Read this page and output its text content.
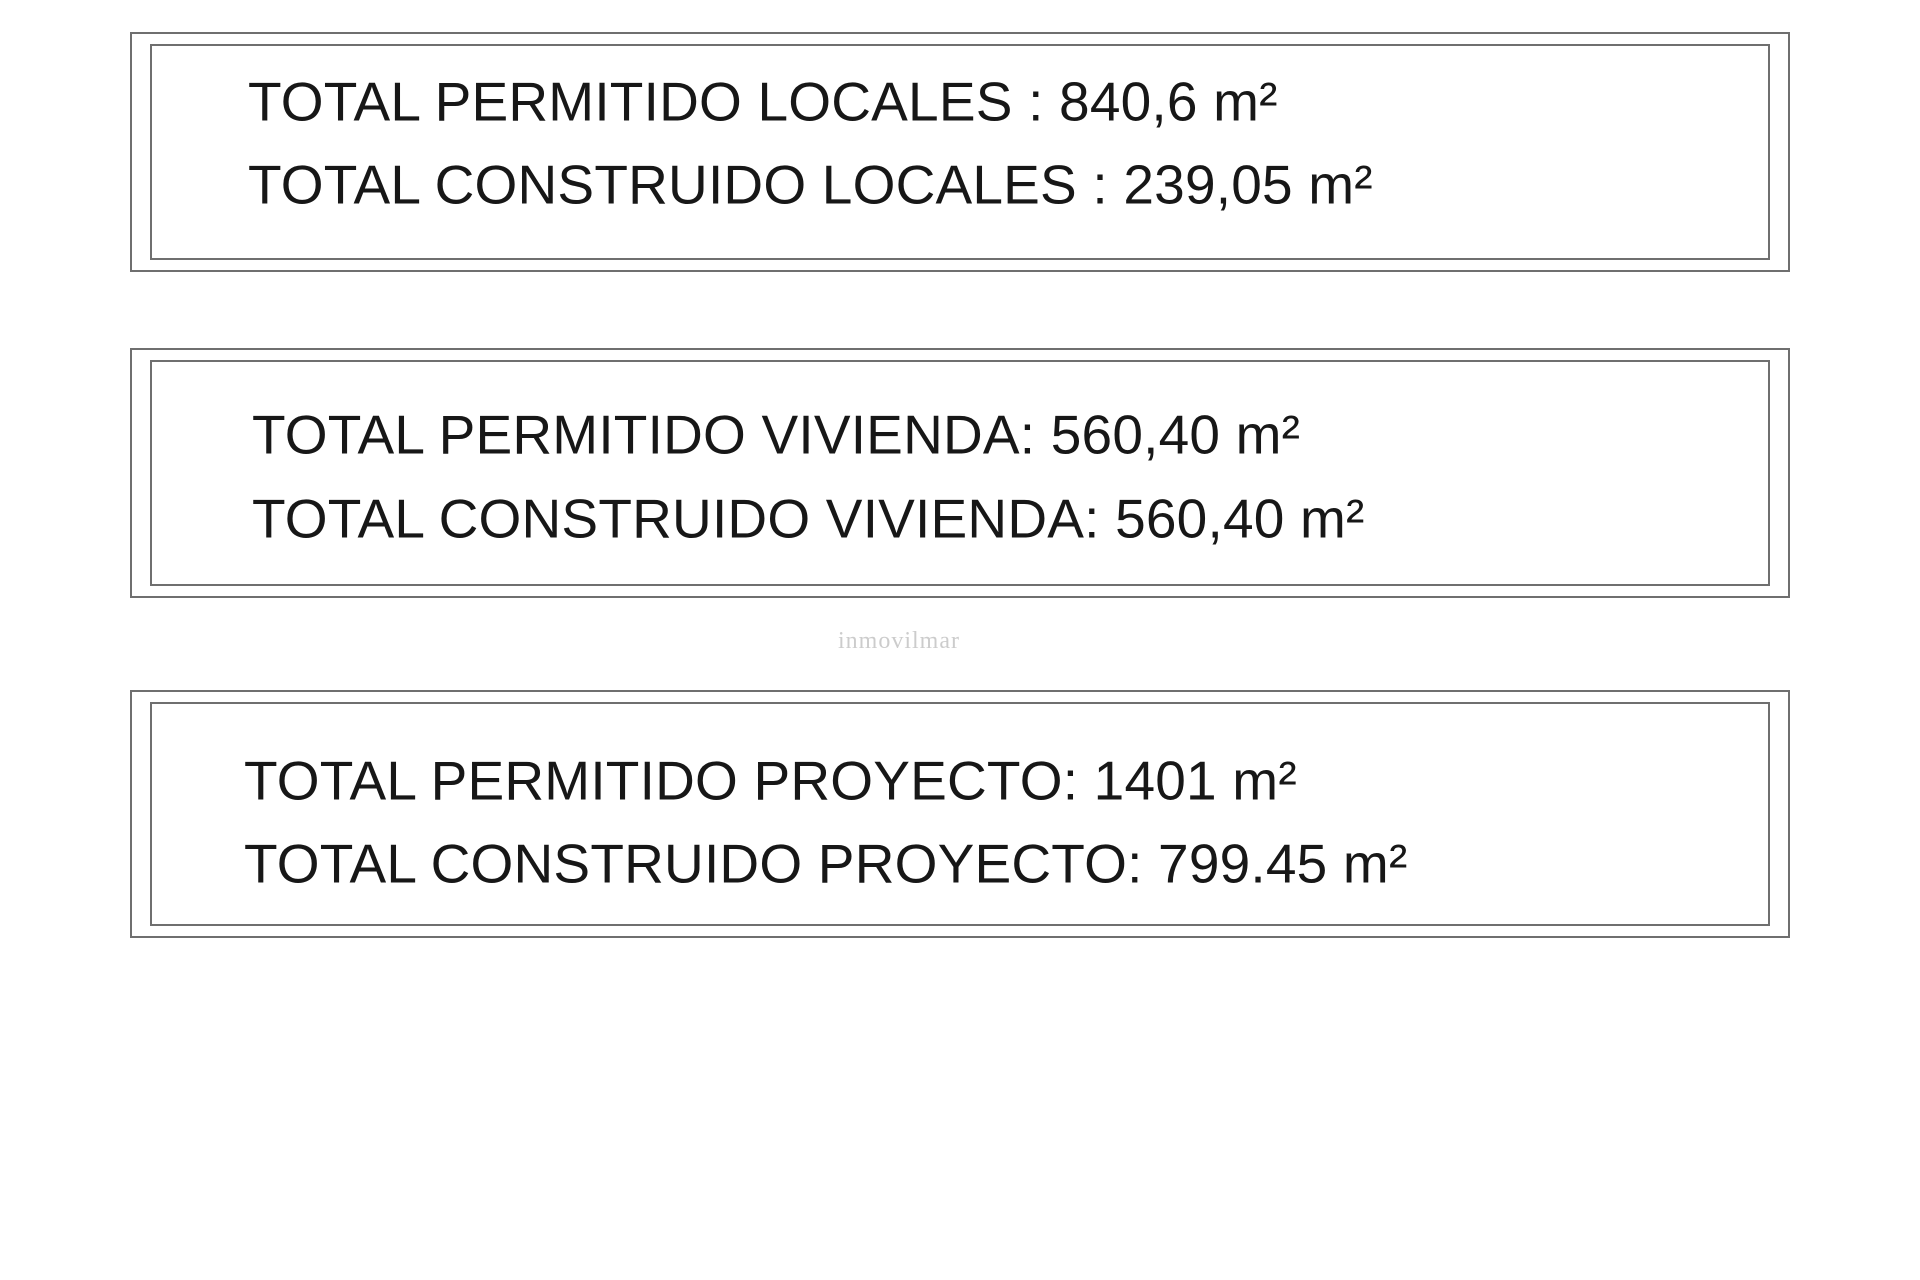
TOTAL PERMITIDO LOCALES : 840,6 m²
TOTAL CONSTRUIDO LOCALES : 239,05 m²
TOTAL PERMITIDO VIVIENDA: 560,40 m²
TOTAL CONSTRUIDO VIVIENDA: 560,40 m²
TOTAL PERMITIDO PROYECTO: 1401 m²
TOTAL CONSTRUIDO PROYECTO: 799.45 m²
inmovilmar
